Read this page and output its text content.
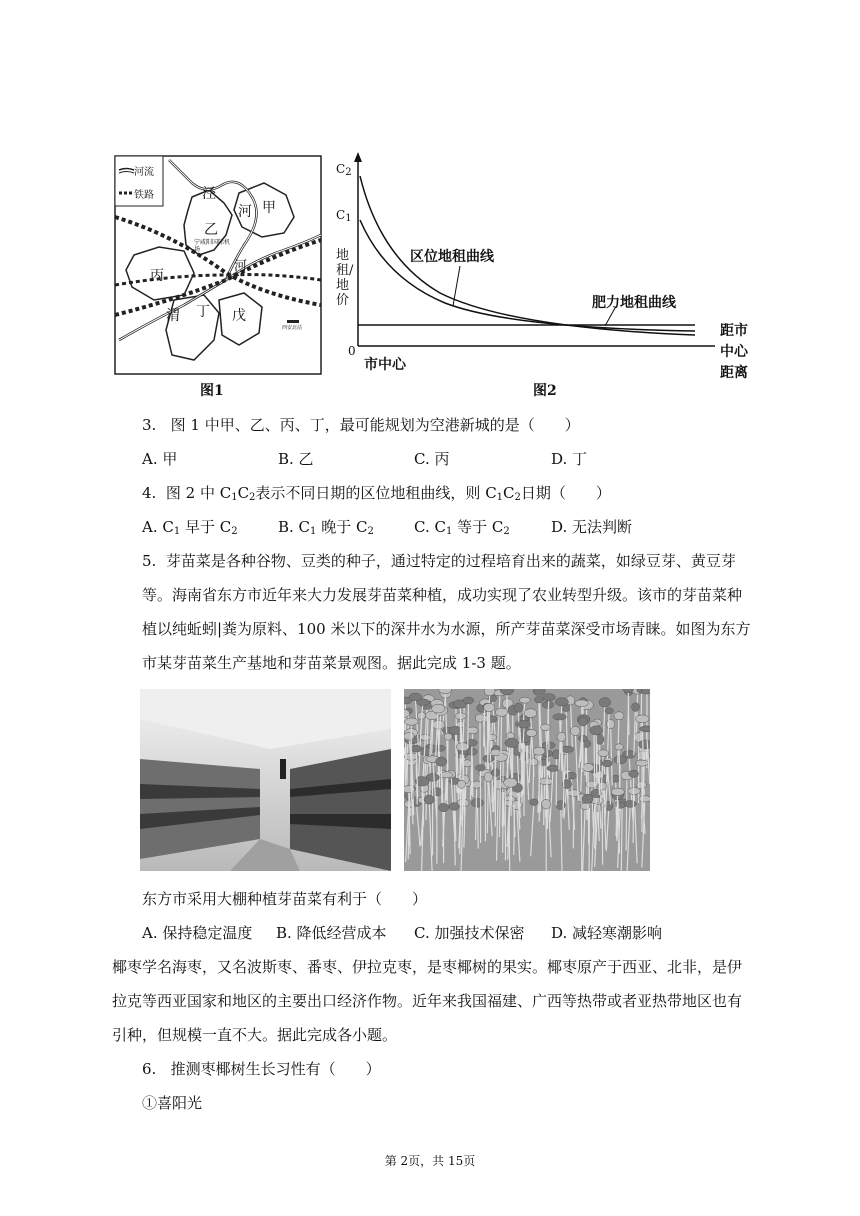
河流
铁路	泾
河 甲
乙
宁咸阳国际机场
丙
河
渭 丁 戊
西安北站
图1
$C_2$
$C_1$
地租/地价
0
市中心
距市
中心
距离
区位地租曲线
肥力地租曲线
图2
3. 图 1 中甲、乙、丙、丁，最可能规划为空港新城的是（　　）
A. 甲	B. 乙	C. 丙	D. 丁
4. 图 2 中 $C_1C_2$表示不同日期的区位地租曲线，则 $C_1C_2$日期（　　）
A. $C_1$ 早于 $C_2$	B. $C_1$ 晚于 $C_2$	C. $C_1$ 等于 $C_2$	D. 无法判断
5. 芽苗菜是各种谷物、豆类的种子，通过特定的过程培育出来的蔬菜，如绿豆芽、黄豆芽
等。海南省东方市近年来大力发展芽苗菜种植，成功实现了农业转型升级。该市的芽苗菜种
植以纯蚯蚓|粪为原料、100 米以下的深井水为水源，所产芽苗菜深受市场青睐。如图为东方
市某芽苗菜生产基地和芽苗菜景观图。据此完成 1-3 题。
东方市采用大棚种植芽苗菜有利于（　　）
A. 保持稳定温度 B. 降低经营成本 C. 加强技术保密 D. 减轻寒潮影响
椰枣学名海枣，又名波斯枣、番枣、伊拉克枣，是枣椰树的果实。椰枣原产于西亚、北非，是伊
拉克等西亚国家和地区的主要出口经济作物。近年来我国福建、广西等热带或者亚热带地区也有
引种，但规模一直不大。据此完成各小题。
6. 推测枣椰树生长习性有（　　）
①喜阳光
第 2页，共 15页
